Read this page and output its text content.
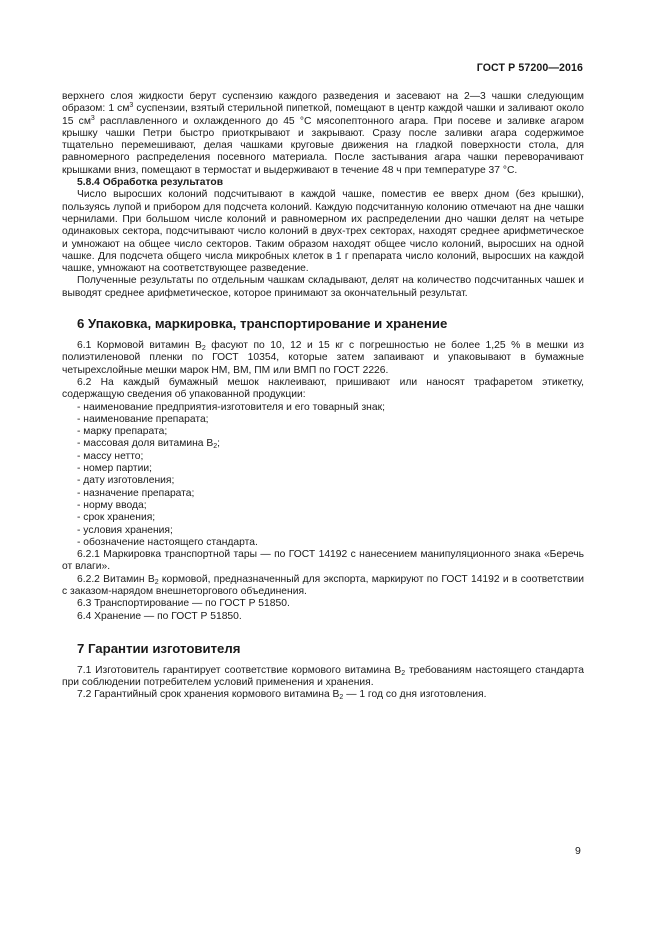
ГОСТ Р 57200—2016

верхнего слоя жидкости берут суспензию каждого разведения и засевают на 2—3 чашки следующим образом: 1 $см^3$ суспензии, взятый стерильной пипеткой, помещают в центр каждой чашки и заливают около 15 $см^3$ расплавленного и охлажденного до 45 °С мясопептонного агара. При посеве и заливке агаром крышку чашки Петри быстро приоткрывают и закрывают. Сразу после заливки агара содержимое тщательно перемешивают, делая чашками круговые движения на гладкой поверхности стола, для равномерного распределения посевного материала. После застывания агара чашки переворачивают крышками вниз, помещают в термостат и выдерживают в течение 48 ч при температуре 37 °С.

5.8.4 Обработка результатов

Число выросших колоний подсчитывают в каждой чашке, поместив ее вверх дном (без крышки), пользуясь лупой и прибором для подсчета колоний. Каждую подсчитанную колонию отмечают на дне чашки чернилами. При большом числе колоний и равномерном их распределении дно чашки делят на четыре одинаковых сектора, подсчитывают число колоний в двух-трех секторах, находят среднее арифметическое и умножают на общее число секторов. Таким образом находят общее число колоний, выросших на одной чашке. Для подсчета общего числа микробных клеток в 1 г препарата число колоний, выросших на каждой чашке, умножают на соответствующее разведение.

Полученные результаты по отдельным чашкам складывают, делят на количество подсчитанных чашек и выводят среднее арифметическое, которое принимают за окончательный результат.

6 Упаковка, маркировка, транспортирование и хранение

6.1 Кормовой витамин $В_2$ фасуют по 10, 12 и 15 кг с погрешностью не более 1,25 % в мешки из полиэтиленовой пленки по ГОСТ 10354, которые затем запаивают и упаковывают в бумажные четырехслойные мешки марок НМ, ВМ, ПМ или ВМП по ГОСТ 2226.

6.2 На каждый бумажный мешок наклеивают, пришивают или наносят трафаретом этикетку, содержащую сведения об упакованной продукции:

- наименование предприятия-изготовителя и его товарный знак;

- наименование препарата;

- марку препарата;

- массовая доля витамина $В_2$;

- массу нетто;

- номер партии;

- дату изготовления;

- назначение препарата;

- норму ввода;

- срок хранения;

- условия хранения;

- обозначение настоящего стандарта.

6.2.1 Маркировка транспортной тары — по ГОСТ 14192 с нанесением манипуляционного знака «Беречь от влаги».

6.2.2 Витамин $В_2$ кормовой, предназначенный для экспорта, маркируют по ГОСТ 14192 и в соответствии с заказом-нарядом внешнеторгового объединения.

6.3 Транспортирование — по ГОСТ Р 51850.

6.4 Хранение — по ГОСТ Р 51850.

7 Гарантии изготовителя

7.1 Изготовитель гарантирует соответствие кормового витамина $В_2$ требованиям настоящего стандарта при соблюдении потребителем условий применения и хранения.

7.2 Гарантийный срок хранения кормового витамина $В_2$ — 1 год со дня изготовления.

9
